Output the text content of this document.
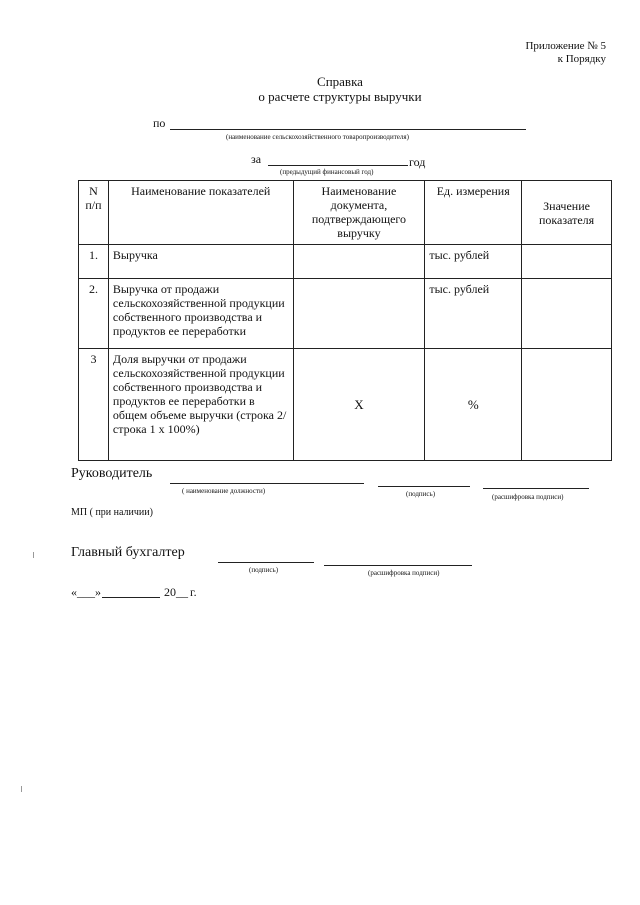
Приложение № 5
к Порядку
Справка
о расчете структуры выручки
по
(наименование сельскохозяйственного товаропроизводителя)
за	год
(предыдущий финансовый год)
N п/п	Наименование показателей	Наименование документа, подтверждающего выручку	Ед. измерения	Значение показателя
1.	Выручка		тыс. рублей	
2.	Выручка от продажи сельскохозяйственной продукции собственного производства и продуктов ее переработки		тыс. рублей	
3	Доля выручки от продажи сельскохозяйственной продукции собственного производства и продуктов ее переработки в общем объеме выручки (строка 2/строка 1 х 100%)	Х	%	
Руководитель
( наименование должности)	(подпись)	(расшифровка подписи)
МП ( при наличии)
Главный бухгалтер
(подпись)	(расшифровка подписи)
«___»	20__ г.
